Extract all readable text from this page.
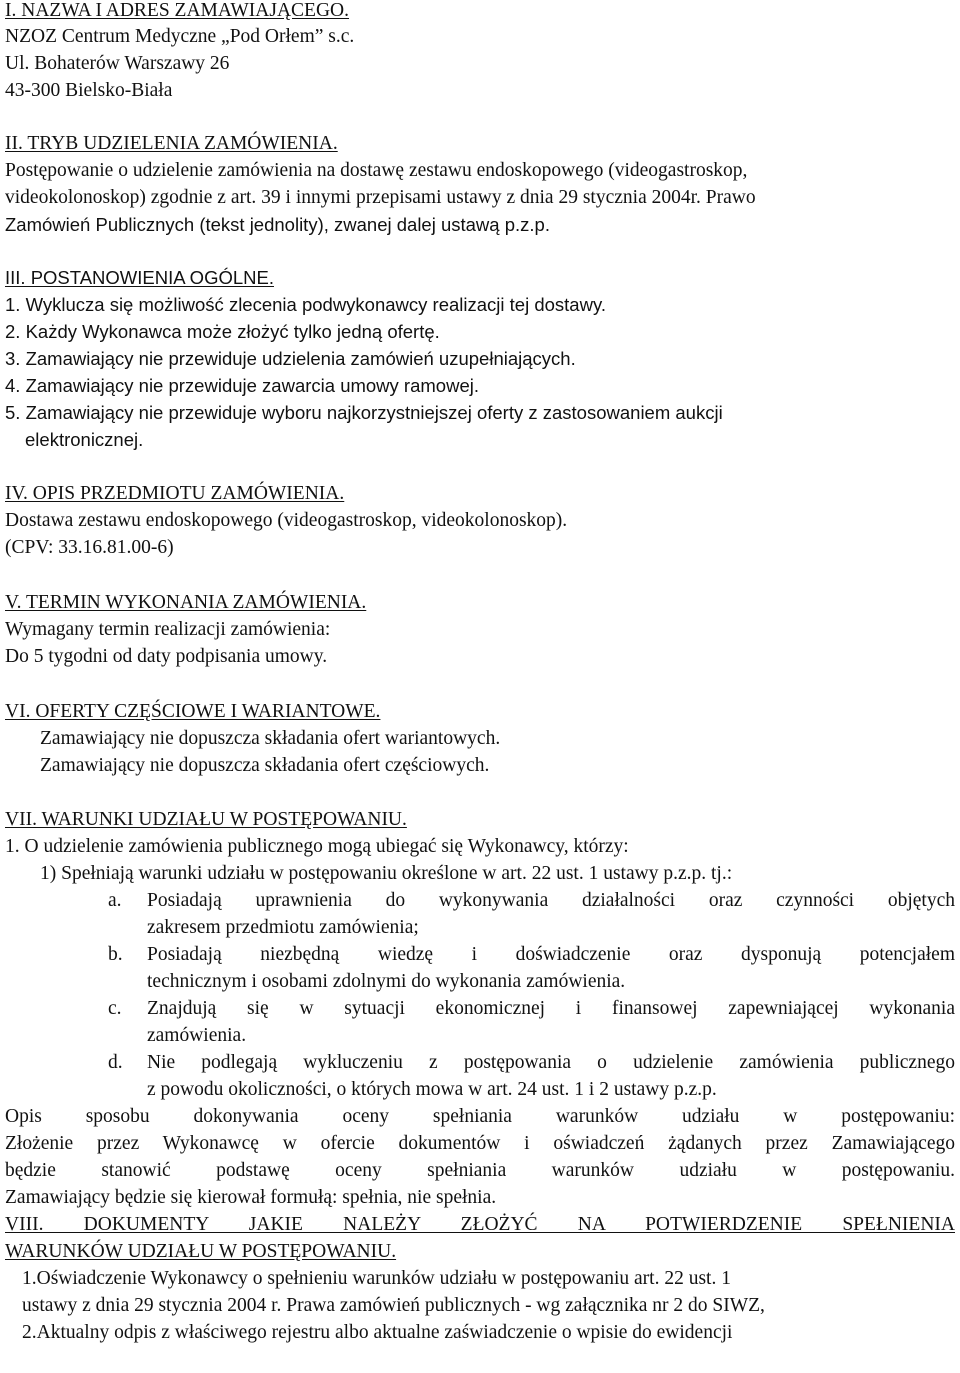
I. NAZWA I ADRES ZAMAWIAJĄCEGO.
NZOZ Centrum Medyczne „Pod Orłem” s.c.
Ul. Bohaterów Warszawy 26
43-300 Bielsko-Biała
II. TRYB UDZIELENIA ZAMÓWIENIA.
Postępowanie o udzielenie zamówienia na dostawę zestawu endoskopowego (videogastroskop,
videokolonoskop) zgodnie z art. 39 i innymi przepisami ustawy z dnia 29 stycznia 2004r. Prawo
Zamówień Publicznych (tekst jednolity), zwanej dalej ustawą p.z.p.
III. POSTANOWIENIA OGÓLNE.
1. Wyklucza się możliwość zlecenia podwykonawcy realizacji tej dostawy.
2. Każdy Wykonawca może złożyć tylko jedną ofertę.
3. Zamawiający nie przewiduje udzielenia zamówień uzupełniających.
4. Zamawiający nie przewiduje zawarcia umowy ramowej.
5. Zamawiający nie przewiduje wyboru najkorzystniejszej oferty z zastosowaniem aukcji
elektronicznej.
IV. OPIS PRZEDMIOTU ZAMÓWIENIA.
Dostawa zestawu endoskopowego (videogastroskop, videokolonoskop).
(CPV: 33.16.81.00-6)
V. TERMIN WYKONANIA ZAMÓWIENIA.
Wymagany termin realizacji zamówienia:
Do 5 tygodni od daty podpisania umowy.
VI. OFERTY CZĘŚCIOWE I WARIANTOWE.
Zamawiający nie dopuszcza składania ofert wariantowych.
Zamawiający nie dopuszcza składania ofert częściowych.
VII. WARUNKI UDZIAŁU W POSTĘPOWANIU.
1. O udzielenie zamówienia publicznego mogą ubiegać się Wykonawcy, którzy:
1) Spełniają warunki udziału w postępowaniu określone w art. 22 ust. 1 ustawy p.z.p. tj.:
a. Posiadają uprawnienia do wykonywania działalności oraz czynności objętych
zakresem przedmiotu zamówienia;
b. Posiadają niezbędną wiedzę i doświadczenie oraz dysponują potencjałem
technicznym i osobami zdolnymi do wykonania zamówienia.
c. Znajdują się w sytuacji ekonomicznej i finansowej zapewniającej wykonania
zamówienia.
d. Nie podlegają wykluczeniu z postępowania o udzielenie zamówienia publicznego
z powodu okoliczności, o których mowa w art. 24 ust. 1 i 2 ustawy p.z.p.
Opis sposobu dokonywania oceny spełniania warunków udziału w postępowaniu:
Złożenie przez Wykonawcę w ofercie dokumentów i oświadczeń żądanych przez Zamawiającego
będzie stanowić podstawę oceny spełniania warunków udziału w postępowaniu.
Zamawiający będzie się kierował formułą: spełnia, nie spełnia.
VIII. DOKUMENTY JAKIE NALEŻY ZŁOŻYĆ NA POTWIERDZENIE SPEŁNIENIA
WARUNKÓW UDZIAŁU W POSTĘPOWANIU.
1.Oświadczenie Wykonawcy o spełnieniu warunków udziału w postępowaniu art. 22 ust. 1
ustawy z dnia 29 stycznia 2004 r. Prawa zamówień publicznych - wg załącznika nr 2 do SIWZ,
2.Aktualny odpis z właściwego rejestru albo aktualne zaświadczenie o wpisie do ewidencji
